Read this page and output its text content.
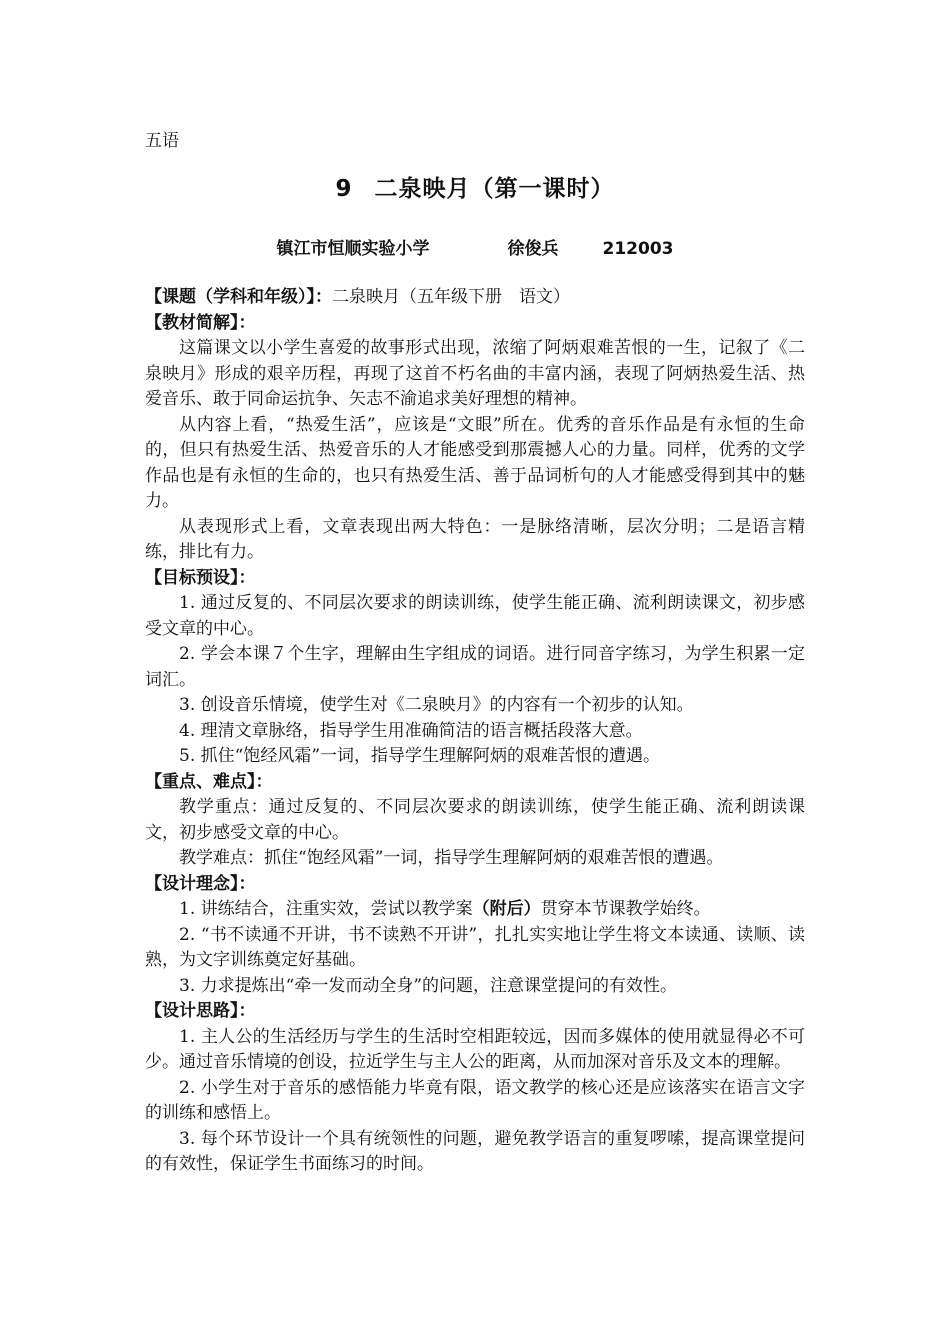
五语
9 二泉映月（第一课时）
镇江市恒顺实验小学	徐俊兵	212003

【课题（学科和年级）】：二泉映月（五年级下册　语文）

【教材简解】：

这篇课文以小学生喜爱的故事形式出现，浓缩了阿炳艰难苦恨的一生，记叙了《二泉映月》形成的艰辛历程，再现了这首不朽名曲的丰富内涵，表现了阿炳热爱生活、热爱音乐、敢于同命运抗争、矢志不渝追求美好理想的精神。

从内容上看，“热爱生活”，应该是“文眼”所在。优秀的音乐作品是有永恒的生命的，但只有热爱生活、热爱音乐的人才能感受到那震撼人心的力量。同样，优秀的文学作品也是有永恒的生命的，也只有热爱生活、善于品词析句的人才能感受得到其中的魅力。

从表现形式上看，文章表现出两大特色：一是脉络清晰，层次分明；二是语言精练，排比有力。

【目标预设】：

1. 通过反复的、不同层次要求的朗读训练，使学生能正确、流利朗读课文，初步感受文章的中心。

2. 学会本课７个生字，理解由生字组成的词语。进行同音字练习，为学生积累一定词汇。

3. 创设音乐情境，使学生对《二泉映月》的内容有一个初步的认知。

4. 理清文章脉络，指导学生用准确简洁的语言概括段落大意。

5. 抓住“饱经风霜”一词，指导学生理解阿炳的艰难苦恨的遭遇。

【重点、难点】：

教学重点：通过反复的、不同层次要求的朗读训练，使学生能正确、流利朗读课文，初步感受文章的中心。

教学难点：抓住“饱经风霜”一词，指导学生理解阿炳的艰难苦恨的遭遇。

【设计理念】：

1. 讲练结合，注重实效，尝试以教学案（附后）贯穿本节课教学始终。

2. “书不读通不开讲，书不读熟不开讲”，扎扎实实地让学生将文本读通、读顺、读熟，为文字训练奠定好基础。

3. 力求提炼出“牵一发而动全身”的问题，注意课堂提问的有效性。

【设计思路】：

1. 主人公的生活经历与学生的生活时空相距较远，因而多媒体的使用就显得必不可少。通过音乐情境的创设，拉近学生与主人公的距离，从而加深对音乐及文本的理解。

2. 小学生对于音乐的感悟能力毕竟有限，语文教学的核心还是应该落实在语言文字的训练和感悟上。

3. 每个环节设计一个具有统领性的问题，避免教学语言的重复啰嗦，提高课堂提问的有效性，保证学生书面练习的时间。
